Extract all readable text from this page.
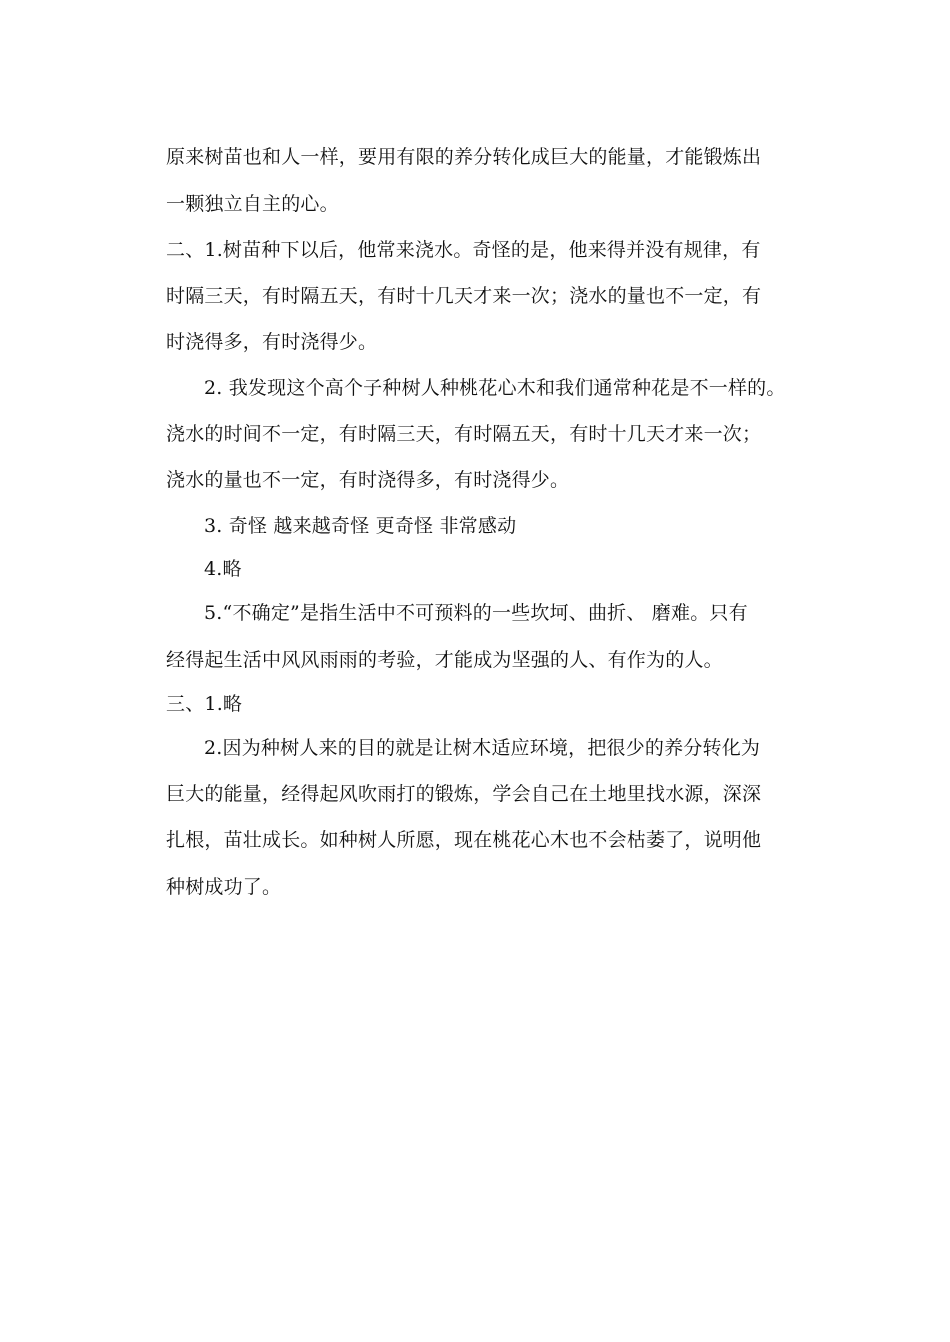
原来树苗也和人一样，要用有限的养分转化成巨大的能量，才能锻炼出
一颗独立自主的心。
二、1.树苗种下以后，他常来浇水。奇怪的是，他来得并没有规律，有
时隔三天，有时隔五天，有时十几天才来一次；浇水的量也不一定，有
时浇得多，有时浇得少。
2. 我发现这个高个子种树人种桃花心木和我们通常种花是不一样的。
浇水的时间不一定，有时隔三天，有时隔五天，有时十几天才来一次；
浇水的量也不一定，有时浇得多，有时浇得少。
3. 奇怪 越来越奇怪 更奇怪 非常感动
4.略
5.“不确定”是指生活中不可预料的一些坎坷、曲折、 磨难。只有
经得起生活中风风雨雨的考验，才能成为坚强的人、有作为的人。
三、1.略
2.因为种树人来的目的就是让树木适应环境，把很少的养分转化为
巨大的能量，经得起风吹雨打的锻炼，学会自己在土地里找水源，深深
扎根，苗壮成长。如种树人所愿，现在桃花心木也不会枯萎了，说明他
种树成功了。
